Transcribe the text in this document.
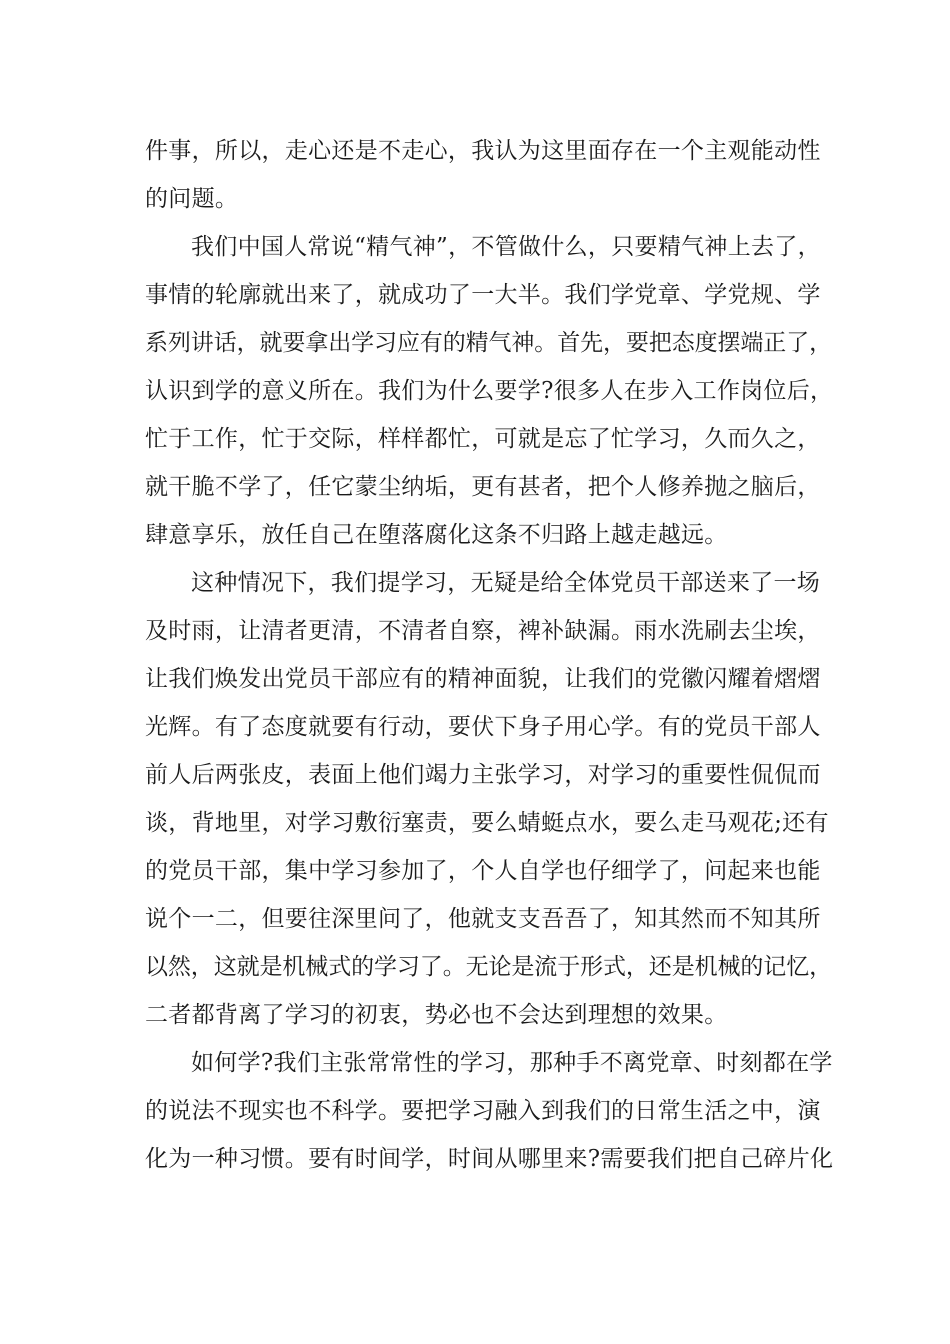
件事，所以，走心还是不走心，我认为这里面存在一个主观能动性
的问题。
我们中国人常说“精气神”，不管做什么，只要精气神上去了，
事情的轮廓就出来了，就成功了一大半。我们学党章、学党规、学
系列讲话，就要拿出学习应有的精气神。首先，要把态度摆端正了，
认识到学的意义所在。我们为什么要学?很多人在步入工作岗位后，
忙于工作，忙于交际，样样都忙，可就是忘了忙学习，久而久之，
就干脆不学了，任它蒙尘纳垢，更有甚者，把个人修养抛之脑后，
肆意享乐，放任自己在堕落腐化这条不归路上越走越远。
这种情况下，我们提学习，无疑是给全体党员干部送来了一场
及时雨，让清者更清，不清者自察，裨补缺漏。雨水洗刷去尘埃，
让我们焕发出党员干部应有的精神面貌，让我们的党徽闪耀着熠熠
光辉。有了态度就要有行动，要伏下身子用心学。有的党员干部人
前人后两张皮，表面上他们竭力主张学习，对学习的重要性侃侃而
谈，背地里，对学习敷衍塞责，要么蜻蜓点水，要么走马观花;还有
的党员干部，集中学习参加了，个人自学也仔细学了，问起来也能
说个一二，但要往深里问了，他就支支吾吾了，知其然而不知其所
以然，这就是机械式的学习了。无论是流于形式，还是机械的记忆，
二者都背离了学习的初衷，势必也不会达到理想的效果。
如何学?我们主张常常性的学习，那种手不离党章、时刻都在学
的说法不现实也不科学。要把学习融入到我们的日常生活之中，演
化为一种习惯。要有时间学，时间从哪里来?需要我们把自己碎片化
